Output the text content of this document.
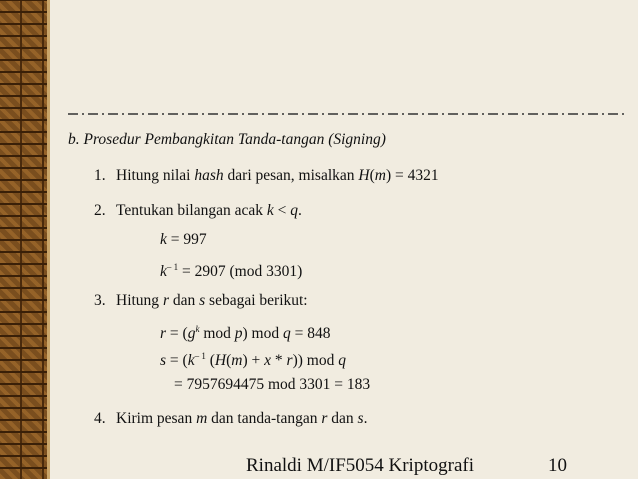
b. Prosedur Pembangkitan Tanda-tangan (Signing)
1. Hitung nilai hash dari pesan, misalkan H(m) = 4321
2. Tentukan bilangan acak k < q.
k = 997
$k^{- 1} = 2907$ (mod 3301)
3. Hitung r dan s sebagai berikut:
$r = (g^k$ mod p) mod q = 848
$s = (k^{- 1}$ (H(m) + x * r)) mod q
= 7957694475 mod 3301 = 183
4. Kirim pesan m dan tanda-tangan r dan s.
Rinaldi M/IF5054 Kriptografi	10
